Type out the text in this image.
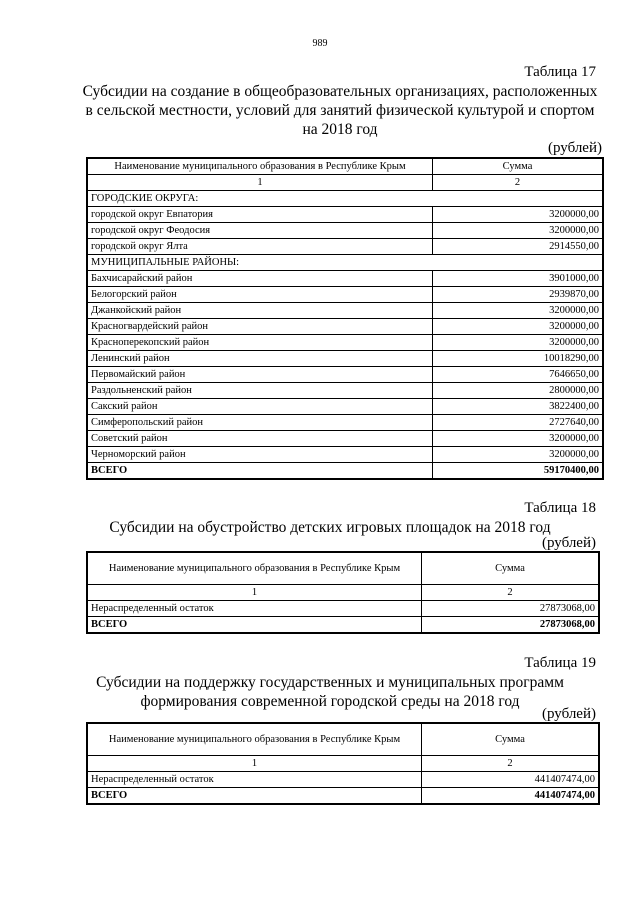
989
Таблица 17
Субсидии на создание в общеобразовательных организациях, расположенных
в сельской местности, условий для занятий физической культурой и спортом
на 2018 год
(рублей)
Наименование муниципального образования в Республике Крым	Сумма
1	2
ГОРОДСКИЕ ОКРУГА:	
городской округ Евпатория	3200000,00
городской округ Феодосия	3200000,00
городской округ Ялта	2914550,00
МУНИЦИПАЛЬНЫЕ РАЙОНЫ:	
Бахчисарайский район	3901000,00
Белогорский район	2939870,00
Джанкойский район	3200000,00
Красногвардейский район	3200000,00
Красноперекопский район	3200000,00
Ленинский район	10018290,00
Первомайский район	7646650,00
Раздольненский район	2800000,00
Сакский район	3822400,00
Симферопольский район	2727640,00
Советский район	3200000,00
Черноморский район	3200000,00
ВСЕГО	59170400,00
Таблица 18
Субсидии на обустройство детских игровых площадок на 2018 год
(рублей)
Наименование муниципального образования в Республике Крым	Сумма
1	2
Нераспределенный остаток	27873068,00
ВСЕГО	27873068,00
Таблица 19
Субсидии на поддержку государственных и муниципальных программ
формирования современной городской среды на 2018 год
(рублей)
Наименование муниципального образования в Республике Крым	Сумма
1	2
Нераспределенный остаток	441407474,00
ВСЕГО	441407474,00
